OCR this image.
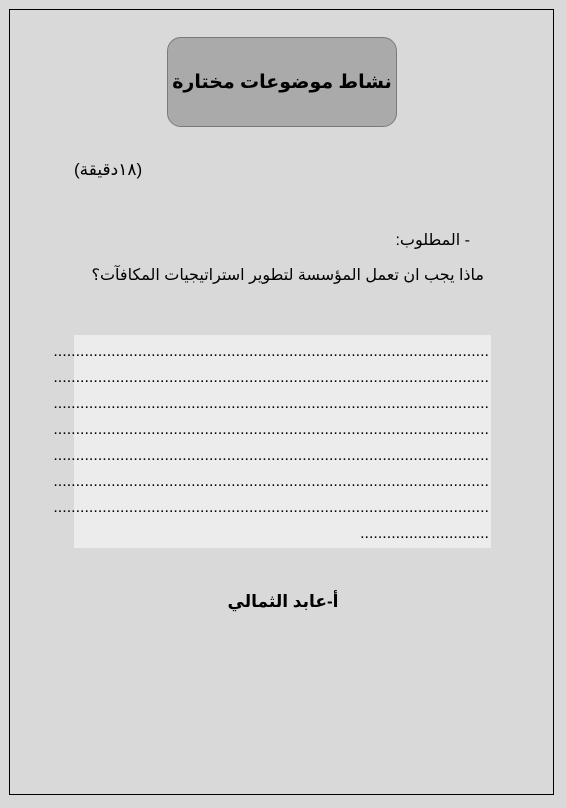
نشاط موضوعات مختارة
(١٨دقيقة)
- المطلوب:
ماذا يجب ان تعمل المؤسسة لتطوير استراتيجيات المكافآت؟
..................................................................................................
..................................................................................................
..................................................................................................
..................................................................................................
..................................................................................................
..................................................................................................
..................................................................................................
.............................
أ-عابد الثمالي
